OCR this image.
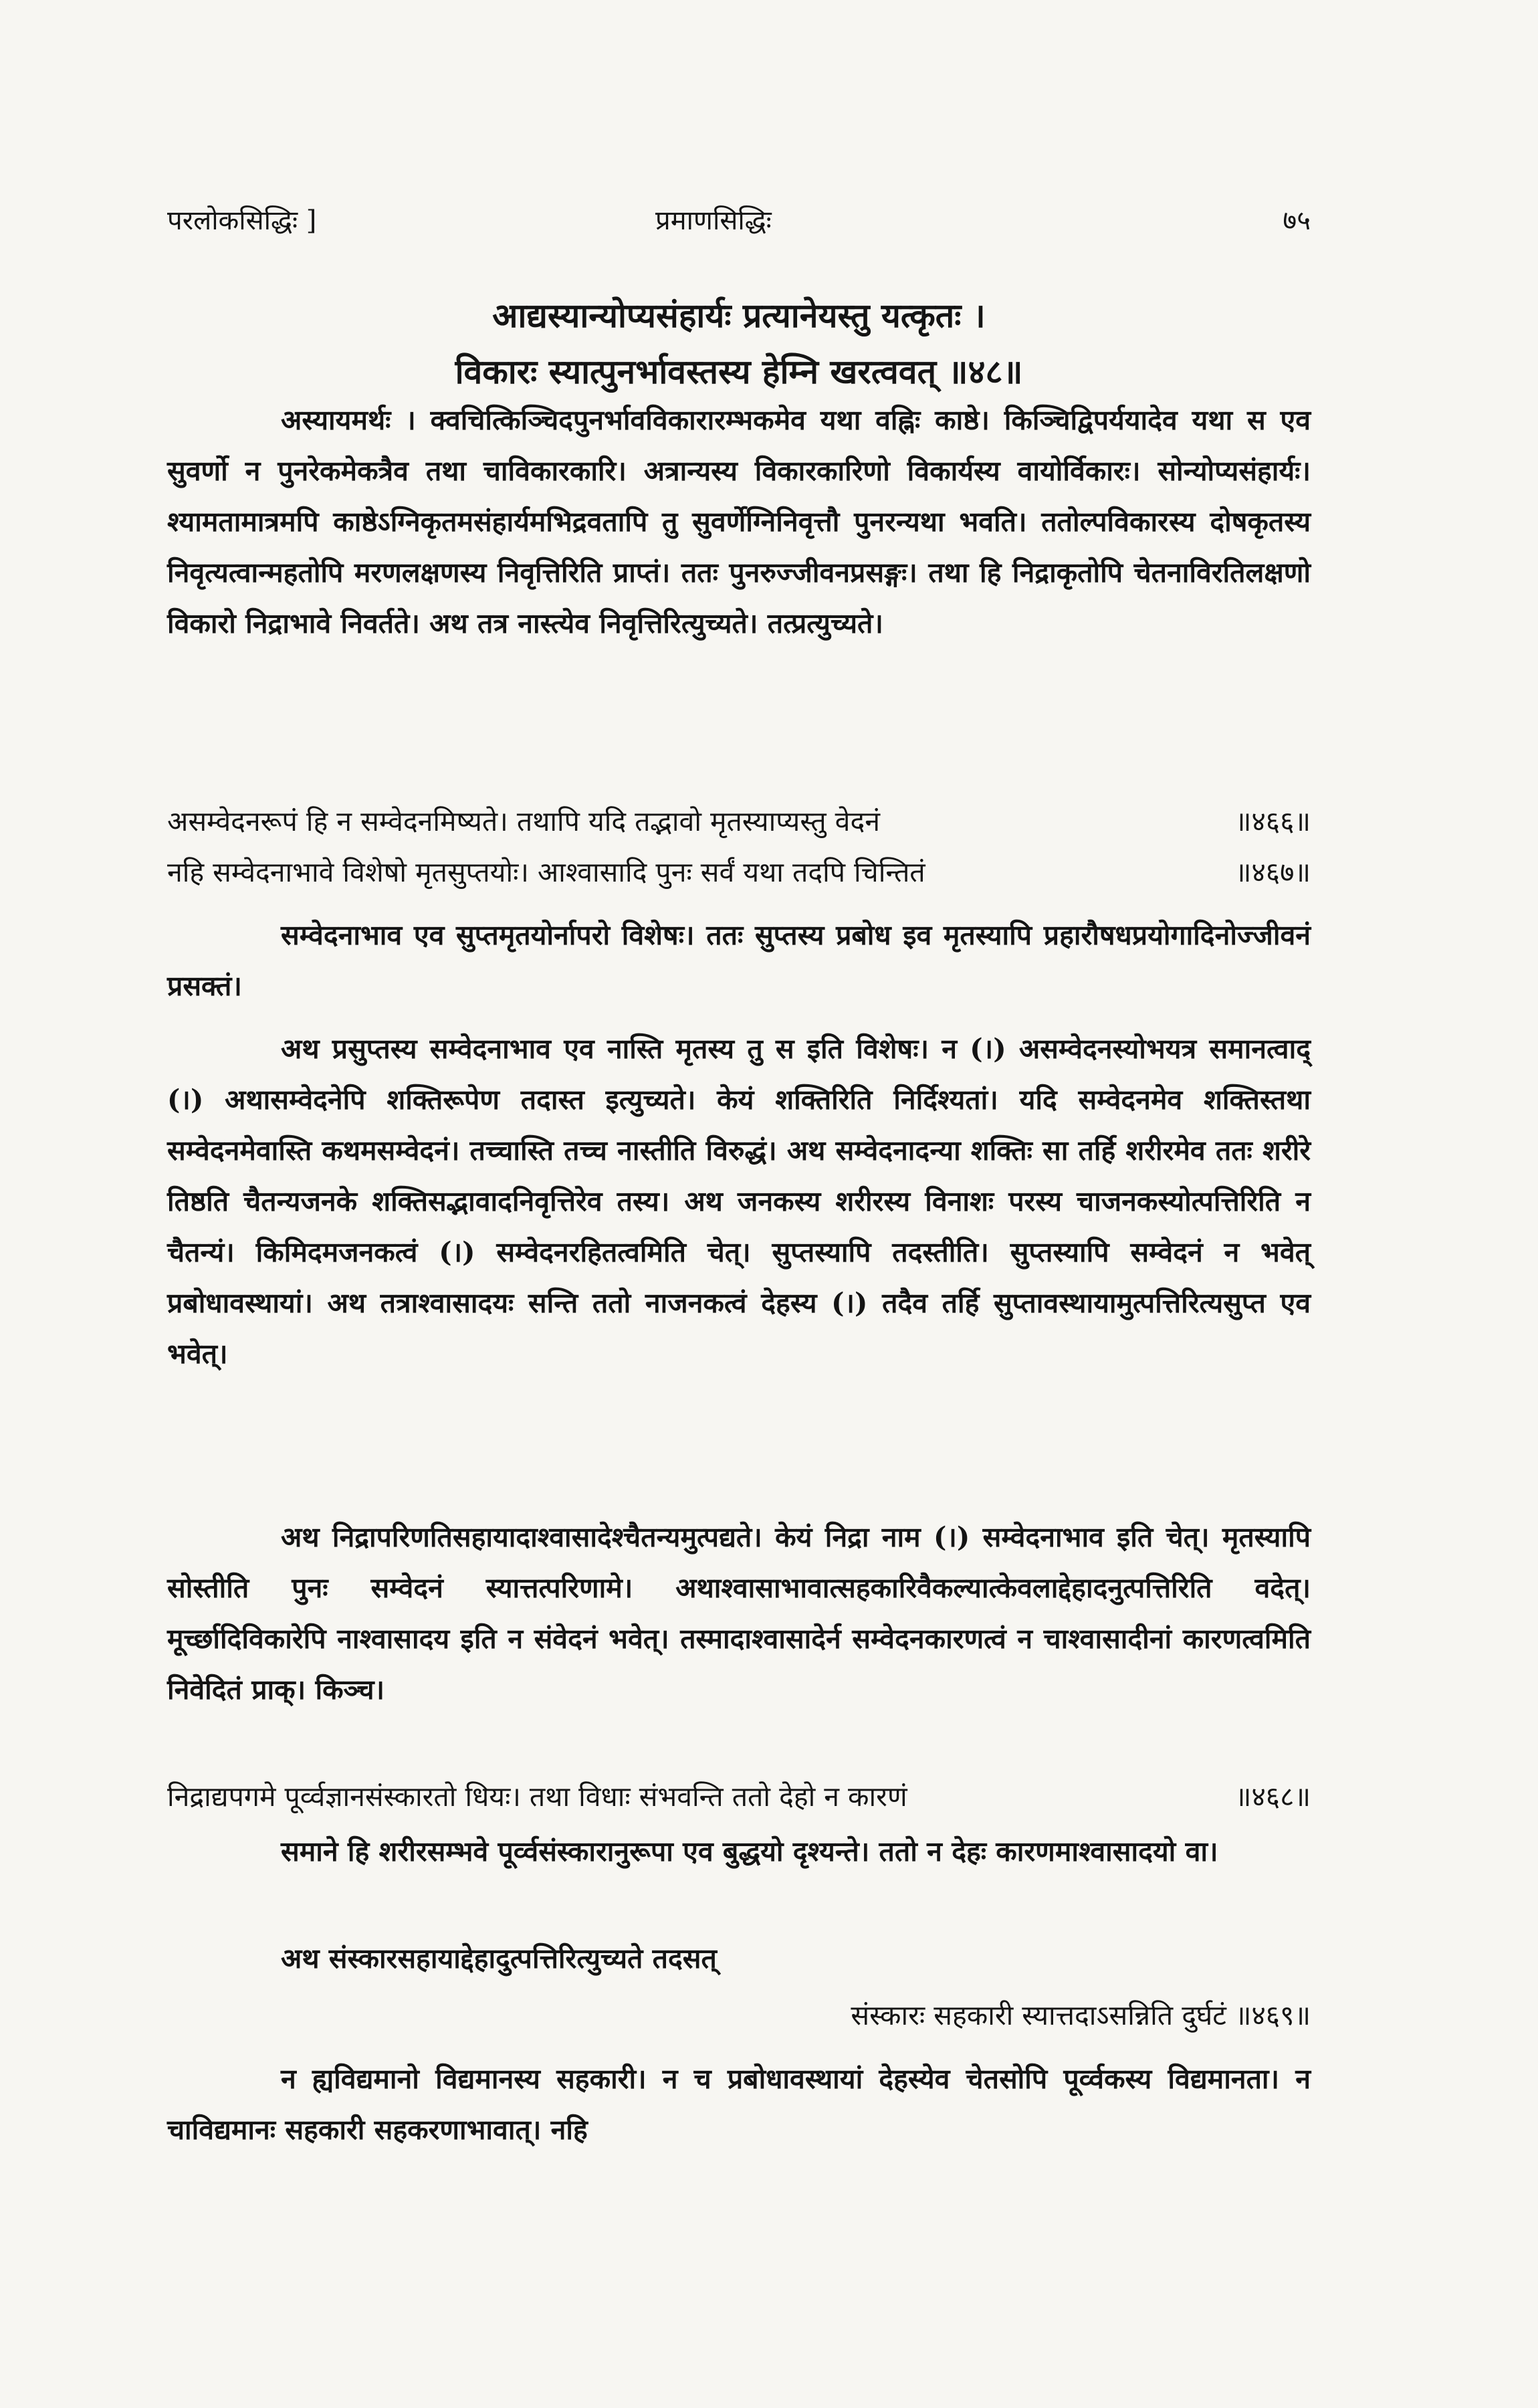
परलोकसिद्धिः ]	प्रमाणसिद्धिः	७५
आद्यस्यान्योप्यसंहार्यः प्रत्यानेयस्तु यत्कृतः ।
विकारः स्यात्पुनर्भावस्तस्य हेम्नि खरत्ववत् ॥४८॥
अस्यायमर्थः । क्वचित्किञ्चिदपुनर्भावविकारारम्भकमेव यथा वह्निः काष्ठे। किञ्चिद्विपर्ययादेव यथा स एव सुवर्णो न पुनरेकमेकत्रैव तथा चाविकारकारि। अत्रान्यस्य विकारकारिणो विकार्यस्य वायोर्विकारः। सोन्योप्यसंहार्यः। श्यामतामात्रमपि काष्ठेऽग्निकृतमसंहार्यमभिद्रवतापि तु सुवर्णेग्निनिवृत्तौ पुनरन्यथा भवति। ततोल्पविकारस्य दोषकृतस्य निवृत्यत्वान्महतोपि मरणलक्षणस्य निवृत्तिरिति प्राप्तं। ततः पुनरुज्जीवनप्रसङ्गः। तथा हि निद्राकृतोपि चेतनाविरतिलक्षणो विकारो निद्राभावे निवर्तते। अथ तत्र नास्त्येव निवृत्तिरित्युच्यते। तत्प्रत्युच्यते।
असम्वेदनरूपं हि न सम्वेदनमिष्यते। तथापि यदि तद्भावो मृतस्याप्यस्तु वेदनं	॥४६६॥
नहि सम्वेदनाभावे विशेषो मृतसुप्तयोः। आश्वासादि पुनः सर्वं यथा तदपि चिन्तितं	॥४६७॥
सम्वेदनाभाव एव सुप्तमृतयोर्नापरो विशेषः। ततः सुप्तस्य प्रबोध इव मृतस्यापि प्रहारौषधप्रयोगादिनोज्जीवनं प्रसक्तं।
अथ प्रसुप्तस्य सम्वेदनाभाव एव नास्ति मृतस्य तु स इति विशेषः। न (।) असम्वेदनस्योभयत्र समानत्वाद् (।) अथासम्वेदनेपि शक्तिरूपेण तदास्त इत्युच्यते। केयं शक्तिरिति निर्दिश्यतां। यदि सम्वेदनमेव शक्तिस्तथा सम्वेदनमेवास्ति कथमसम्वेदनं। तच्चास्ति तच्च नास्तीति विरुद्धं। अथ सम्वेदनादन्या शक्तिः सा तर्हि शरीरमेव ततः शरीरे तिष्ठति चैतन्यजनके शक्तिसद्भावादनिवृत्तिरेव तस्य। अथ जनकस्य शरीरस्य विनाशः परस्य चाजनकस्योत्पत्तिरिति न चैतन्यं। किमिदमजनकत्वं (।) सम्वेदनरहितत्वमिति चेत्। सुप्तस्यापि तदस्तीति। सुप्तस्यापि सम्वेदनं न भवेत् प्रबोधावस्थायां। अथ तत्राश्वासादयः सन्ति ततो नाजनकत्वं देहस्य (।) तदैव तर्हि सुप्तावस्थायामुत्पत्तिरित्यसुप्त एव भवेत्।
अथ निद्रापरिणतिसहायादाश्वासादेश्चैतन्यमुत्पद्यते। केयं निद्रा नाम (।) सम्वेदनाभाव इति चेत्। मृतस्यापि सोस्तीति पुनः सम्वेदनं स्यात्तत्परिणामे। अथाश्वासाभावात्सहकारिवैकल्यात्केवलाद्देहादनुत्पत्तिरिति वदेत्। मूर्च्छादिविकारेपि नाश्वासादय इति न संवेदनं भवेत्। तस्मादाश्वासादेर्न सम्वेदनकारणत्वं न चाश्वासादीनां कारणत्वमिति निवेदितं प्राक्। किञ्च।
निद्राद्यपगमे पूर्व्वज्ञानसंस्कारतो धियः। तथा विधाः संभवन्ति ततो देहो न कारणं	॥४६८॥
समाने हि शरीरसम्भवे पूर्व्वसंस्कारानुरूपा एव बुद्धयो दृश्यन्ते। ततो न देहः कारणमाश्वासादयो वा।
अथ संस्कारसहायाद्देहादुत्पत्तिरित्युच्यते तदसत्
संस्कारः सहकारी स्यात्तदाऽसन्निति दुर्घटं ॥४६९॥
न ह्यविद्यमानो विद्यमानस्य सहकारी। न च प्रबोधावस्थायां देहस्येव चेतसोपि पूर्व्वकस्य विद्यमानता। न चाविद्यमानः सहकारी सहकरणाभावात्। नहि
